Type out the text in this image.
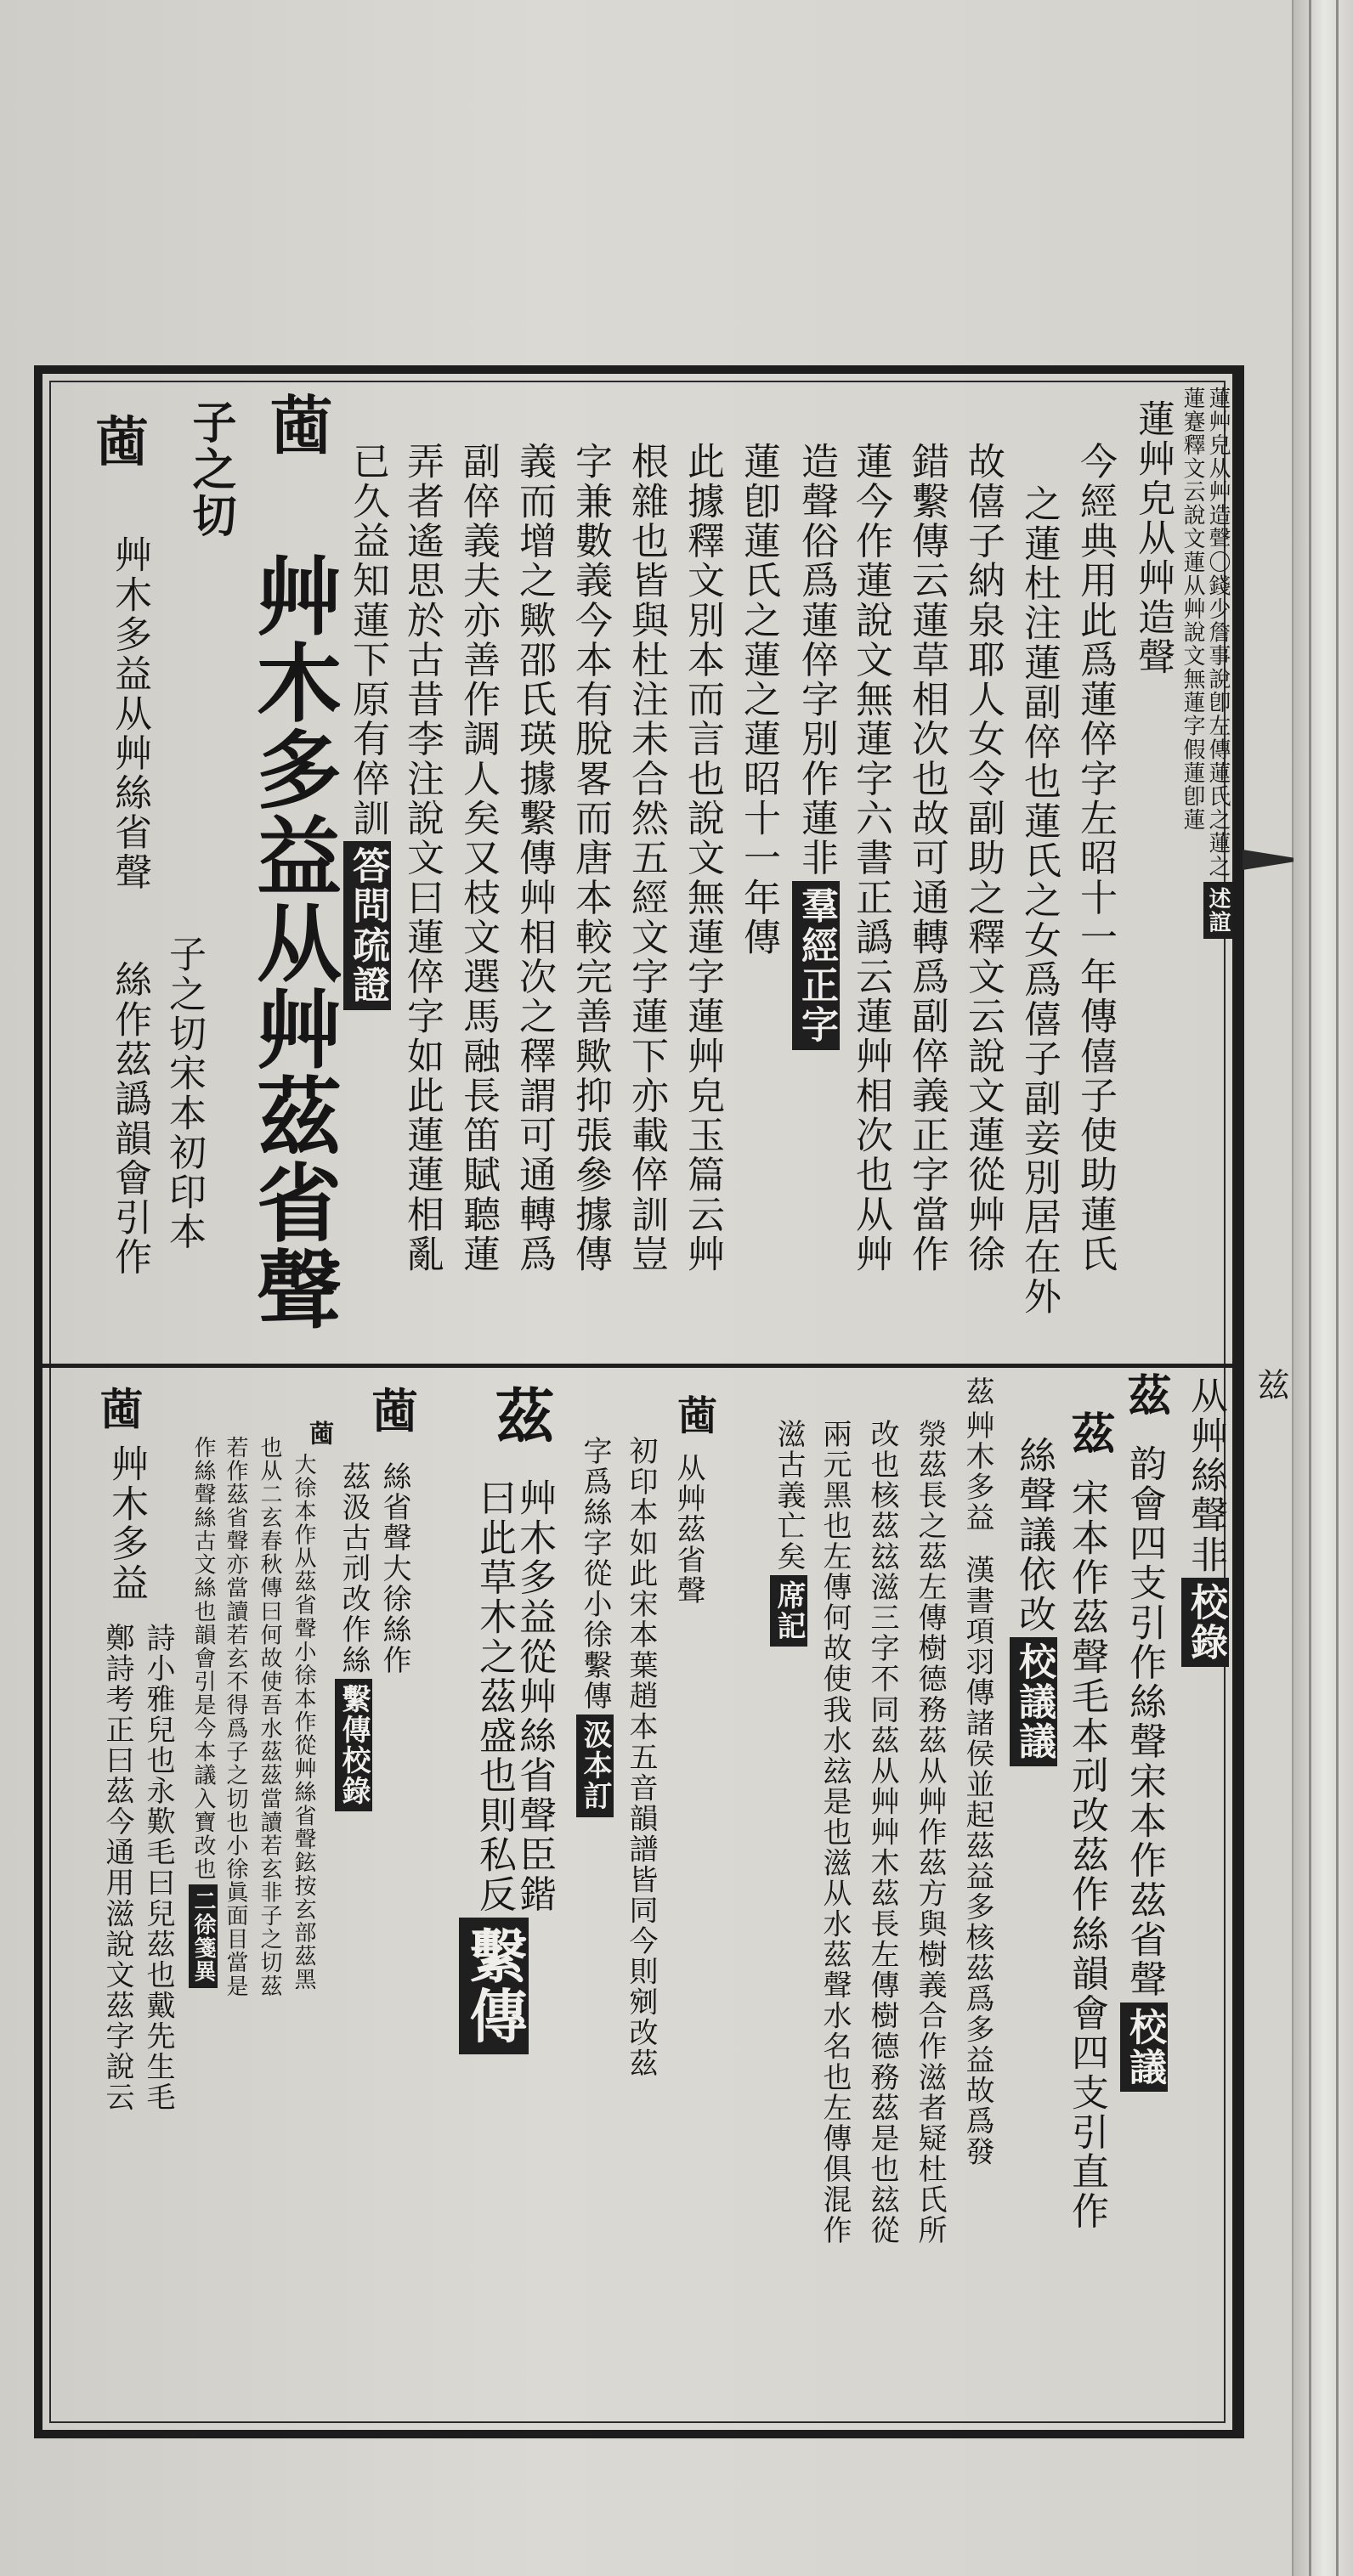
兹
蓮艸皃从艸造聲〇錢少詹事說卽左傳蓮氏之蓮之述誼
蓮蹇釋文云說文蓮从艸說文無蓮字假蓮卽蓮
蓮艸皃从艸造聲
今經典用此爲蓮倅字左昭十一年傳僖子使助蓮氏
之蓮杜注蓮副倅也蓮氏之女爲僖子副妾別居在外
故僖子納泉耶人女令副助之釋文云說文蓮從艸徐
錯繫傳云蓮草相次也故可通轉爲副倅義正字當作
蓮今作蓮說文無蓮字六書正譌云蓮艸相次也从艸
造聲俗爲蓮倅字別作蓮非羣經正字
蓮卽蓮氏之蓮之蓮昭十一年傳
此據釋文別本而言也說文無蓮字蓮艸皃玉篇云艸
根雜也皆與杜注未合然五經文字蓮下亦載倅訓豈
字兼數義今本有脫畧而唐本較完善歟抑張參據傳
義而增之歟邵氏瑛據繫傳艸相次之䆁謂可通轉爲
副倅義夫亦善作調人矣又枝文選馬融長笛賦聽蓮
弄者遙思於古昔李注說文曰蓮倅字如此蓮蓮相亂
已久益知蓮下原有倅訓答問疏證
𦯁
艸木多益从艸茲省聲
子之切
𦯁
艸木多益从艸絲省聲
子之切宋本初印本
絲作茲譌韻會引作
从艸絲聲非校錄
茲
韵會四支引作絲聲宋本作茲省聲校議
茲
宋本作茲聲毛本刓改茲作絲韻會四支引直作
絲聲議依改校議議
茲
艸木多益
漢書項羽傳諸侯並起茲益多核茲爲多益故爲發
滎茲長之茲左傳樹德務茲从艸作茲方與樹義合作滋者疑杜氏所
改也核茲玆滋三字不同茲从艸艸木茲長左傳樹德務茲是也玆從
兩元黑也左傳何故使我水玆是也滋从水茲聲水名也左傳俱混作
滋古義亡矣席記
𦯁
从艸茲省聲
初印本如此宋本葉趙本五音韻譜皆同今則剜改茲
字爲絲字從小徐繫傳汲本訂
茲
艸木多益從艸絲省聲臣鍇
曰此草木之茲盛也則私反繫傳
𦯁
絲省聲大徐絲作
茲汲古刓改作絲繫傳校錄
𦯁
大徐本作从茲省聲小徐本作從艸絲省聲鉉按玄部茲黑
也从二玄春秋傳曰何故使吾水茲茲當讀若玄非子之切茲
若作茲省聲亦當讀若玄不得爲子之切也小徐眞面目當是
作絲聲絲古文絲也韻會引是今本議入寶改也二徐箋異
𦯁
艸木多益
詩小雅兒也永歎毛曰兒茲也戴先生毛
鄭詩考正曰茲今通用滋說文茲字說云
